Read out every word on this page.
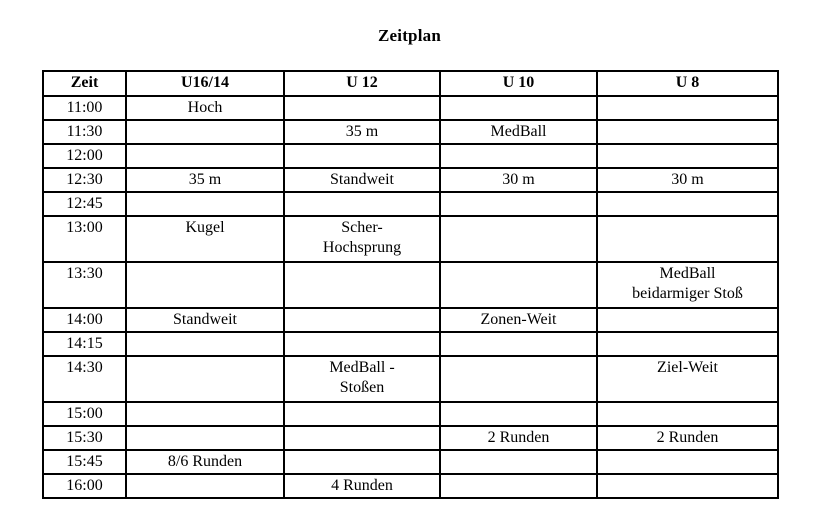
Zeitplan
Zeit	U16/14	U 12	U 10	U 8
11:00	Hoch			
11:30		35 m	MedBall	
12:00				
12:30	35 m	Standweit	30 m	30 m
12:45				
13:00	Kugel	Scher-
Hochsprung		
13:30				MedBall
beidarmiger Stoß
14:00	Standweit		Zonen-Weit	
14:15				
14:30		MedBall -
Stoßen		Ziel-Weit
15:00				
15:30			2 Runden	2 Runden
15:45	8/6 Runden			
16:00		4 Runden		
